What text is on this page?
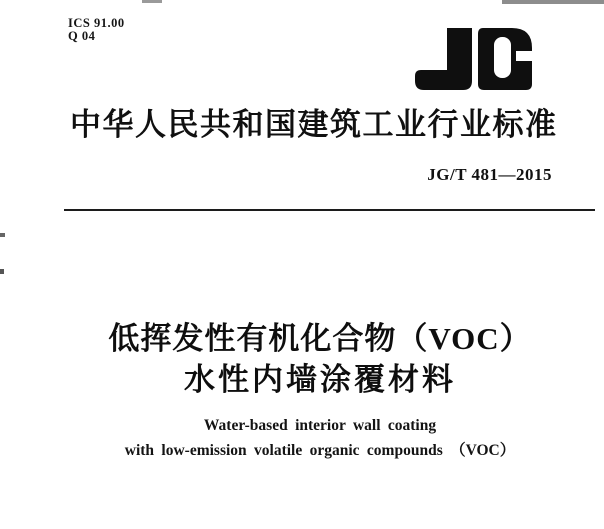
ICS 91.00
Q 04
中华人民共和国建筑工业行业标准
JG/T 481—2015
低挥发性有机化合物（VOC）
水性内墙涂覆材料
Water-based interior wall coating
with low-emission volatile organic compounds （VOC）
